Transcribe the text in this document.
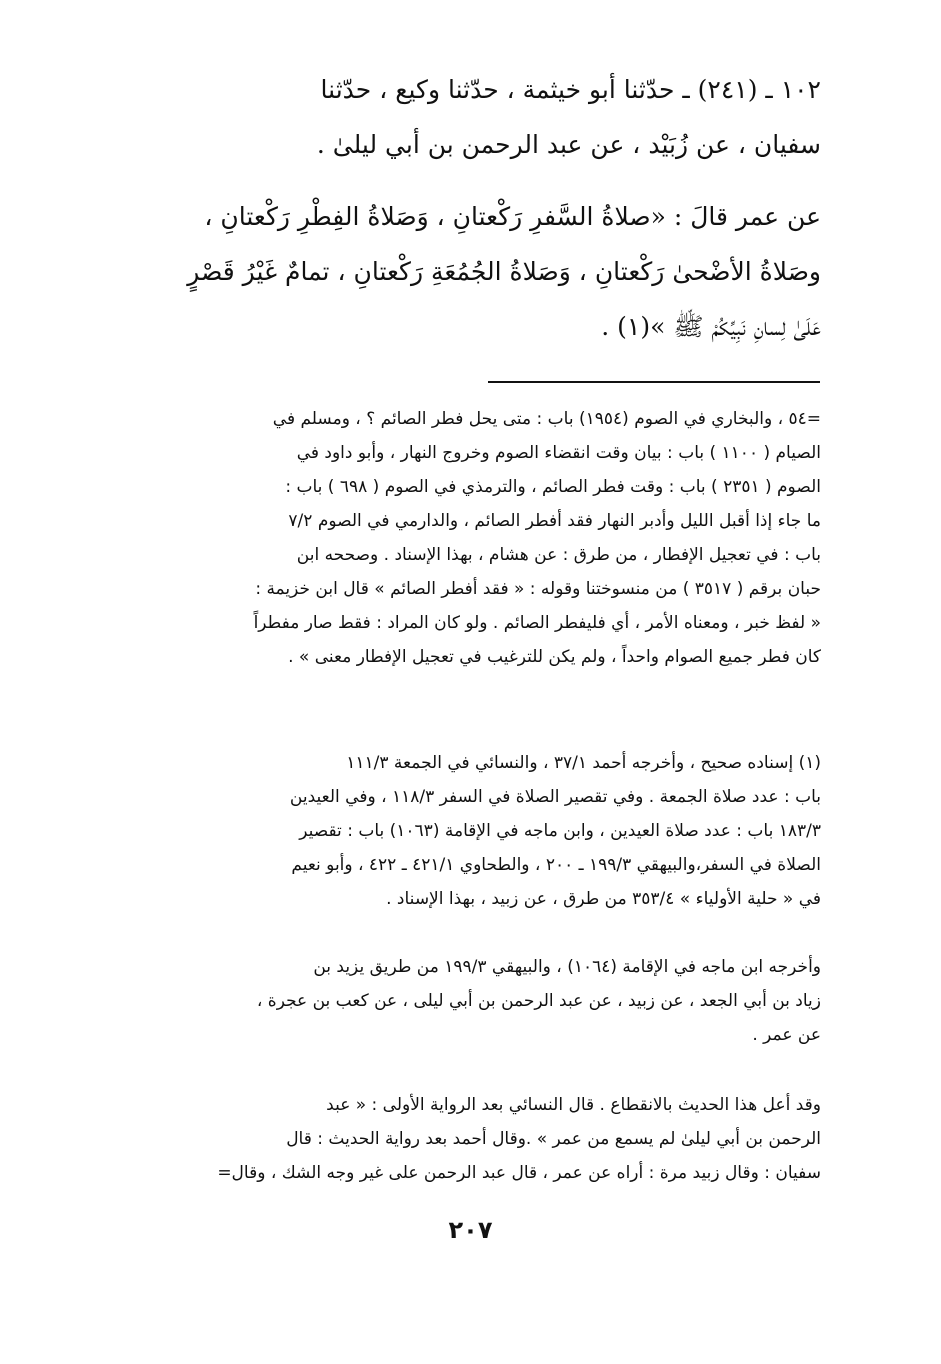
١٠٢ ـ (٢٤١) ـ حدّثنا أبو خيثمة ، حدّثنا وكيع ، حدّثنا
سفيان ، عن زُبَيْد ، عن عبد الرحمن بن أبي ليلىٰ .
عن عمر قالَ : «صلاةُ السَّفرِ رَكْعتانِ ، وَصَلاةُ الفِطْرِ رَكْعتانِ ،
وصَلاةُ الأضْحىٰ رَكْعتانِ ، وَصَلاةُ الجُمُعَةِ رَكْعتانِ ، تمامٌ غَيْرُ قَصْرٍ
عَلَىٰ لِسانِ نَبِيِّكُمْ ﷺ »(١) .
=٥٤ ، والبخاري في الصوم (١٩٥٤) باب : متى يحل فطر الصائم ؟ ، ومسلم في
الصيام ( ١١٠٠ ) باب : بيان وقت انقضاء الصوم وخروج النهار ، وأبو داود في
الصوم ( ٢٣٥١ ) باب : وقت فطر الصائم ، والترمذي في الصوم ( ٦٩٨ ) باب :
ما جاء إذا أقبل الليل وأدبر النهار فقد أفطر الصائم ، والدارمي في الصوم ٧/٢
باب : في تعجيل الإفطار ، من طرق : عن هشام ، بهذا الإسناد . وصححه ابن
حبان برقم ( ٣٥١٧ ) من منسوختنا وقوله : « فقد أفطر الصائم » قال ابن خزيمة :
« لفظ خبر ، ومعناه الأمر ، أي فليفطر الصائم . ولو كان المراد : فقط صار مفطراً
كان فطر جميع الصوام واحداً ، ولم يكن للترغيب في تعجيل الإفطار معنى » .
(١) إسناده صحيح ، وأخرجه أحمد ٣٧/١ ، والنسائي في الجمعة ١١١/٣
باب : عدد صلاة الجمعة . وفي تقصير الصلاة في السفر ١١٨/٣ ، وفي العيدين
١٨٣/٣ باب : عدد صلاة العيدين ، وابن ماجه في الإقامة (١٠٦٣) باب : تقصير
الصلاة في السفر،والبيهقي ١٩٩/٣ ـ ٢٠٠ ، والطحاوي ٤٢١/١ ـ ٤٢٢ ، وأبو نعيم
في « حلية الأولياء » ٣٥٣/٤ من طرق ، عن زبيد ، بهذا الإسناد .
وأخرجه ابن ماجه في الإقامة (١٠٦٤) ، والبيهقي ١٩٩/٣ من طريق يزيد بن
زياد بن أبي الجعد ، عن زبيد ، عن عبد الرحمن بن أبي ليلى ، عن كعب بن عجرة ،
عن عمر .
وقد أعل هذا الحديث بالانقطاع . قال النسائي بعد الرواية الأولى : « عبد
الرحمن بن أبي ليلىٰ لم يسمع من عمر » .وقال أحمد بعد رواية الحديث : قال
سفيان : وقال زبيد مرة : أراه عن عمر ، قال عبد الرحمن على غير وجه الشك ، وقال=
٢٠٧
